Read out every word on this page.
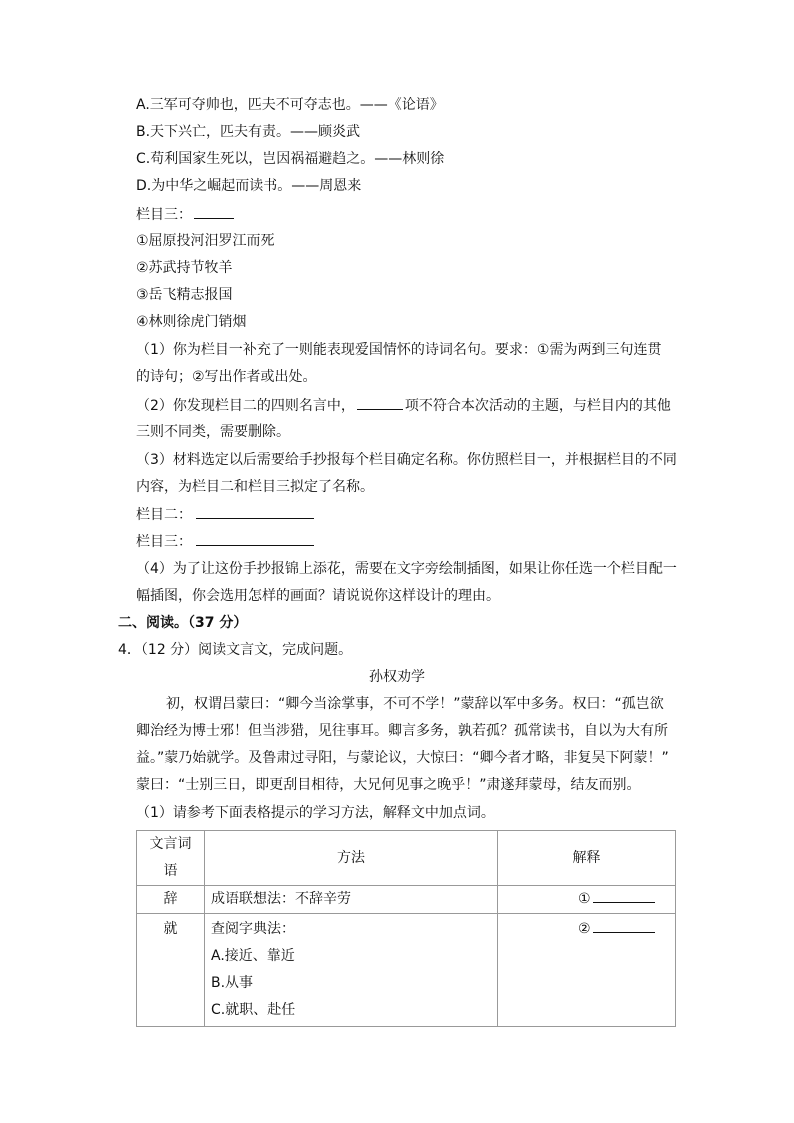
A.三军可夺帅也，匹夫不可夺志也。——《论语》
B.天下兴亡，匹夫有责。——顾炎武
C.苟利国家生死以，岂因祸福避趋之。——林则徐
D.为中华之崛起而读书。——周恩来
栏目三：
①屈原投河汨罗江而死
②苏武持节牧羊
③岳飞精志报国
④林则徐虎门销烟
（1）你为栏目一补充了一则能表现爱国情怀的诗词名句。要求：①需为两到三句连贯
的诗句；②写出作者或出处。
（2）你发现栏目二的四则名言中，	项不符合本次活动的主题，与栏目内的其他
三则不同类，需要删除。
（3）材料选定以后需要给手抄报每个栏目确定名称。你仿照栏目一，并根据栏目的不同
内容，为栏目二和栏目三拟定了名称。
栏目二：
栏目三：
（4）为了让这份手抄报锦上添花，需要在文字旁绘制插图，如果让你任选一个栏目配一
幅插图，你会选用怎样的画面？请说说你这样设计的理由。
二、阅读。（37 分）
4．（12 分）阅读文言文，完成问题。
孙权劝学
初，权谓吕蒙曰：“卿今当涂掌事，不可不学！”蒙辞以军中多务。权曰：“孤岂欲
卿治经为博士邪！但当涉猎，见往事耳。卿言多务，孰若孤？孤常读书，自以为大有所
益。”蒙乃始就学。及鲁肃过寻阳，与蒙论议，大惊曰：“卿今者才略，非复吴下阿蒙！”
蒙曰：“士别三日，即更刮目相待，大兄何见事之晚乎！”肃遂拜蒙母，结友而别。
（1）请参考下面表格提示的学习方法，解释文中加点词。
文言词语	方法	解释
辞	成语联想法：不辞辛劳	①
就	查阅字典法：
A.接近、靠近
B.从事
C.就职、赴任	②
